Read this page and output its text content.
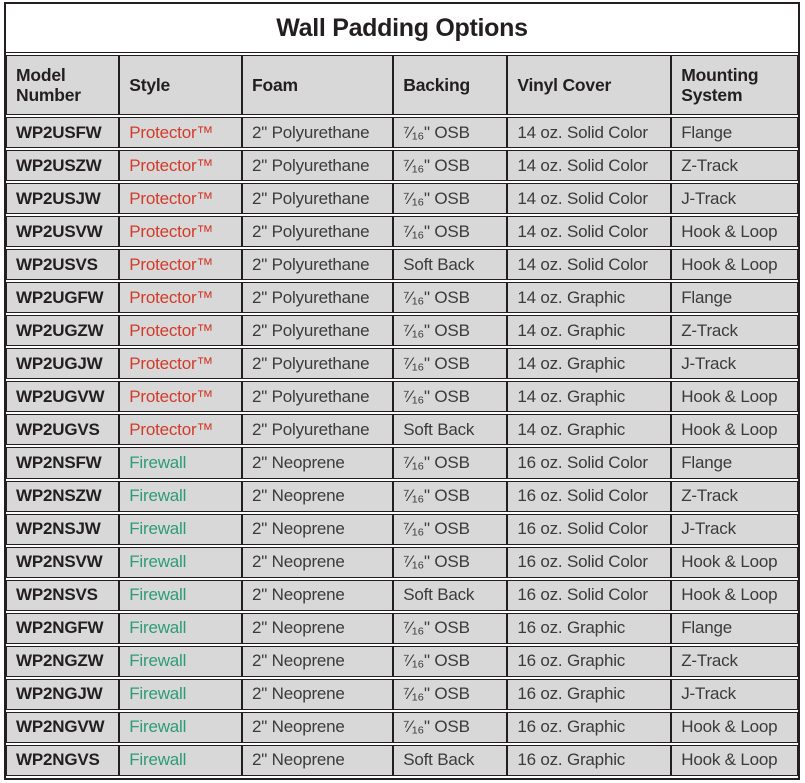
Wall Padding Options
Model Number	Style	Foam	Backing	Vinyl Cover	Mounting System
WP2USFW	Protector™	2" Polyurethane	⁷⁄₁₆" OSB	14 oz. Solid Color	Flange
WP2USZW	Protector™	2" Polyurethane	⁷⁄₁₆" OSB	14 oz. Solid Color	Z-Track
WP2USJW	Protector™	2" Polyurethane	⁷⁄₁₆" OSB	14 oz. Solid Color	J-Track
WP2USVW	Protector™	2" Polyurethane	⁷⁄₁₆" OSB	14 oz. Solid Color	Hook & Loop
WP2USVS	Protector™	2" Polyurethane	Soft Back	14 oz. Solid Color	Hook & Loop
WP2UGFW	Protector™	2" Polyurethane	⁷⁄₁₆" OSB	14 oz. Graphic	Flange
WP2UGZW	Protector™	2" Polyurethane	⁷⁄₁₆" OSB	14 oz. Graphic	Z-Track
WP2UGJW	Protector™	2" Polyurethane	⁷⁄₁₆" OSB	14 oz. Graphic	J-Track
WP2UGVW	Protector™	2" Polyurethane	⁷⁄₁₆" OSB	14 oz. Graphic	Hook & Loop
WP2UGVS	Protector™	2" Polyurethane	Soft Back	14 oz. Graphic	Hook & Loop
WP2NSFW	Firewall	2" Neoprene	⁷⁄₁₆" OSB	16 oz. Solid Color	Flange
WP2NSZW	Firewall	2" Neoprene	⁷⁄₁₆" OSB	16 oz. Solid Color	Z-Track
WP2NSJW	Firewall	2" Neoprene	⁷⁄₁₆" OSB	16 oz. Solid Color	J-Track
WP2NSVW	Firewall	2" Neoprene	⁷⁄₁₆" OSB	16 oz. Solid Color	Hook & Loop
WP2NSVS	Firewall	2" Neoprene	Soft Back	16 oz. Solid Color	Hook & Loop
WP2NGFW	Firewall	2" Neoprene	⁷⁄₁₆" OSB	16 oz. Graphic	Flange
WP2NGZW	Firewall	2" Neoprene	⁷⁄₁₆" OSB	16 oz. Graphic	Z-Track
WP2NGJW	Firewall	2" Neoprene	⁷⁄₁₆" OSB	16 oz. Graphic	J-Track
WP2NGVW	Firewall	2" Neoprene	⁷⁄₁₆" OSB	16 oz. Graphic	Hook & Loop
WP2NGVS	Firewall	2" Neoprene	Soft Back	16 oz. Graphic	Hook & Loop
